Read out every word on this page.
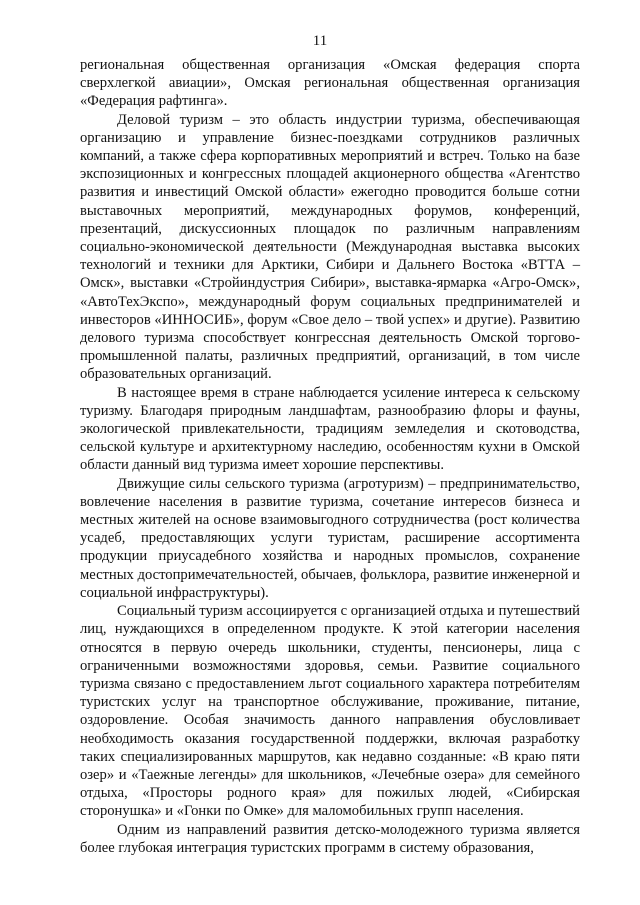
11

региональная общественная организация «Омская федерация спорта сверхлегкой авиации», Омская региональная общественная организация «Федерация рафтинга».

Деловой туризм – это область индустрии туризма, обеспечивающая организацию и управление бизнес-поездками сотрудников различных компаний, а также сфера корпоративных мероприятий и встреч. Только на базе экспозиционных и конгрессных площадей акционерного общества «Агентство развития и инвестиций Омской области» ежегодно проводится больше сотни выставочных мероприятий, международных форумов, конференций, презентаций, дискуссионных площадок по различным направлениям социально-экономической деятельности (Международная выставка высоких технологий и техники для Арктики, Сибири и Дальнего Востока «ВТТА – Омск», выставки «Стройиндустрия Сибири», выставка-ярмарка «Агро-Омск», «АвтоТехЭкспо», международный форум социальных предпринимателей и инвесторов «ИННОСИБ», форум «Свое дело – твой успех» и другие). Развитию делового туризма способствует конгрессная деятельность Омской торгово-промышленной палаты, различных предприятий, организаций, в том числе образовательных организаций.

В настоящее время в стране наблюдается усиление интереса к сельскому туризму. Благодаря природным ландшафтам, разнообразию флоры и фауны, экологической привлекательности, традициям земледелия и скотоводства, сельской культуре и архитектурному наследию, особенностям кухни в Омской области данный вид туризма имеет хорошие перспективы.

Движущие силы сельского туризма (агротуризм) – предпринимательство, вовлечение населения в развитие туризма, сочетание интересов бизнеса и местных жителей на основе взаимовыгодного сотрудничества (рост количества усадеб, предоставляющих услуги туристам, расширение ассортимента продукции приусадебного хозяйства и народных промыслов, сохранение местных достопримечательностей, обычаев, фольклора, развитие инженерной и социальной инфраструктуры).

Социальный туризм ассоциируется с организацией отдыха и путешествий лиц, нуждающихся в определенном продукте. К этой категории населения относятся в первую очередь школьники, студенты, пенсионеры, лица с ограниченными возможностями здоровья, семьи. Развитие социального туризма связано с предоставлением льгот социального характера потребителям туристских услуг на транспортное обслуживание, проживание, питание, оздоровление. Особая значимость данного направления обусловливает необходимость оказания государственной поддержки, включая разработку таких специализированных маршрутов, как недавно созданные: «В краю пяти озер» и «Таежные легенды» для школьников, «Лечебные озера» для семейного отдыха, «Просторы родного края» для пожилых людей, «Сибирская сторонушка» и «Гонки по Омке» для маломобильных групп населения.

Одним из направлений развития детско-молодежного туризма является более глубокая интеграция туристских программ в систему образования,
